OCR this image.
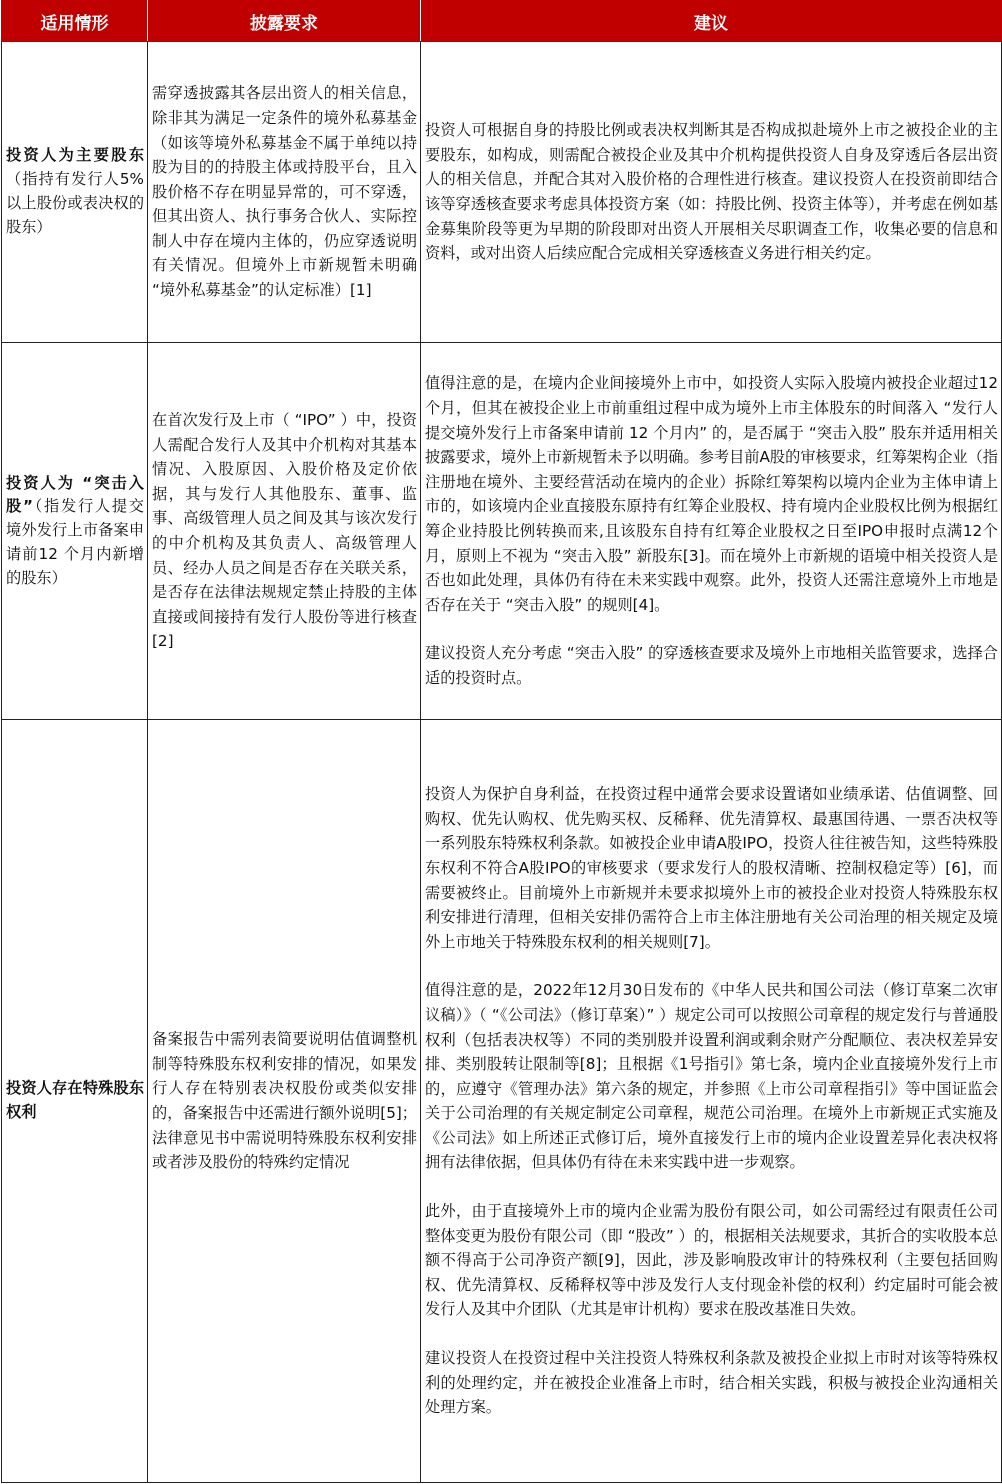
适用情形	披露要求	建议
投资人为主要股东（指持有发行人5%以上股份或表决权的股东）	需穿透披露其各层出资人的相关信息，除非其为满足一定条件的境外私募基金（如该等境外私募基金不属于单纯以持股为目的的持股主体或持股平台，且入股价格不存在明显异常的，可不穿透，但其出资人、执行事务合伙人、实际控制人中存在境内主体的，仍应穿透说明有关情况。但境外上市新规暂未明确 “境外私募基金”的认定标准）[1]	投资人可根据自身的持股比例或表决权判断其是否构成拟赴境外上市之被投企业的主要股东，如构成，则需配合被投企业及其中介机构提供投资人自身及穿透后各层出资人的相关信息，并配合其对入股价格的合理性进行核查。建议投资人在投资前即结合该等穿透核查要求考虑具体投资方案（如：持股比例、投资主体等），并考虑在例如基金募集阶段等更为早期的阶段即对出资人开展相关尽职调查工作，收集必要的信息和资料，或对出资人后续应配合完成相关穿透核查义务进行相关约定。

投资人为 “突击入股”（指发行人提交境外发行上市备案申请前12 个月内新增的股东）	在首次发行及上市（ “IPO” ）中，投资人需配合发行人及其中介机构对其基本情况、入股原因、入股价格及定价依据，其与发行人其他股东、董事、监事、高级管理人员之间及其与该次发行的中介机构及其负责人、高级管理人员、经办人员之间是否存在关联关系，是否存在法律法规规定禁止持股的主体直接或间接持有发行人股份等进行核查[2]	值得注意的是，在境内企业间接境外上市中，如投资人实际入股境内被投企业超过12个月，但其在被投企业上市前重组过程中成为境外上市主体股东的时间落入 “发行人提交境外发行上市备案申请前 12 个月内” 的，是否属于 “突击入股” 股东并适用相关披露要求，境外上市新规暂未予以明确。参考目前A股的审核要求，红筹架构企业（指注册地在境外、主要经营活动在境内的企业）拆除红筹架构以境内企业为主体申请上市的，如该境内企业直接股东原持有红筹企业股权、持有境内企业股权比例为根据红筹企业持股比例转换而来,且该股东自持有红筹企业股权之日至IPO申报时点满12个月，原则上不视为 “突击入股” 新股东[3]。而在境外上市新规的语境中相关投资人是否也如此处理，具体仍有待在未来实践中观察。此外，投资人还需注意境外上市地是否存在关于 “突击入股” 的规则[4]。

建议投资人充分考虑 “突击入股” 的穿透核查要求及境外上市地相关监管要求，选择合适的投资时点。

投资人存在特殊股东权利	备案报告中需列表简要说明估值调整机制等特殊股东权利安排的情况，如果发行人存在特别表决权股份或类似安排的，备案报告中还需进行额外说明[5]；法律意见书中需说明特殊股东权利安排或者涉及股份的特殊约定情况	投资人为保护自身利益，在投资过程中通常会要求设置诸如业绩承诺、估值调整、回购权、优先认购权、优先购买权、反稀释、优先清算权、最惠国待遇、一票否决权等一系列股东特殊权利条款。如被投企业申请A股IPO，投资人往往被告知，这些特殊股东权利不符合A股IPO的审核要求（要求发行人的股权清晰、控制权稳定等）[6]，而需要被终止。目前境外上市新规并未要求拟境外上市的被投企业对投资人特殊股东权利安排进行清理，但相关安排仍需符合上市主体注册地有关公司治理的相关规定及境外上市地关于特殊股东权利的相关规则[7]。

值得注意的是，2022年12月30日发布的《中华人民共和国公司法（修订草案二次审议稿）》（ “《公司法》（修订草案）” ）规定公司可以按照公司章程的规定发行与普通股权利（包括表决权等）不同的类别股并设置利润或剩余财产分配顺位、表决权差异安排、类别股转让限制等[8]；且根据《1号指引》第七条，境内企业直接境外发行上市的，应遵守《管理办法》第六条的规定，并参照《上市公司章程指引》等中国证监会关于公司治理的有关规定制定公司章程，规范公司治理。在境外上市新规正式实施及《公司法》如上所述正式修订后，境外直接发行上市的境内企业设置差异化表决权将拥有法律依据，但具体仍有待在未来实践中进一步观察。

此外，由于直接境外上市的境内企业需为股份有限公司，如公司需经过有限责任公司整体变更为股份有限公司（即 “股改” ）的，根据相关法规要求，其折合的实收股本总额不得高于公司净资产额[9]，因此，涉及影响股改审计的特殊权利（主要包括回购权、优先清算权、反稀释权等中涉及发行人支付现金补偿的权利）约定届时可能会被发行人及其中介团队（尤其是审计机构）要求在股改基准日失效。

建议投资人在投资过程中关注投资人特殊权利条款及被投企业拟上市时对该等特殊权利的处理约定，并在被投企业准备上市时，结合相关实践，积极与被投企业沟通相关处理方案。
